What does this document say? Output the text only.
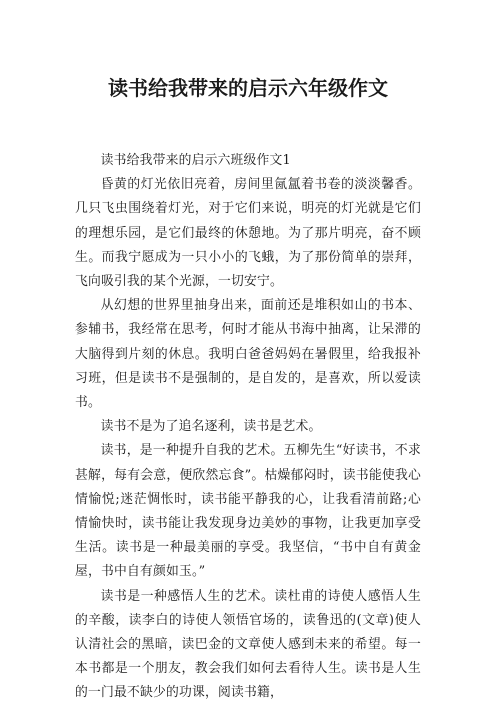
读书给我带来的启示六年级作文

读书给我带来的启示六班级作文1

昏黄的灯光依旧亮着，房间里氤氲着书卷的淡淡馨香。几只飞虫围绕着灯光，对于它们来说，明亮的灯光就是它们的理想乐园，是它们最终的休憩地。为了那片明亮，奋不顾生。而我宁愿成为一只小小的飞蛾，为了那份简单的崇拜，飞向吸引我的某个光源，一切安宁。

从幻想的世界里抽身出来，面前还是堆积如山的书本、参辅书，我经常在思考，何时才能从书海中抽离，让呆滞的大脑得到片刻的休息。我明白爸爸妈妈在暑假里，给我报补习班，但是读书不是强制的，是自发的，是喜欢，所以爱读书。

读书不是为了追名逐利，读书是艺术。

读书，是一种提升自我的艺术。五柳先生“好读书，不求甚解，每有会意，便欣然忘食”。枯燥郁闷时，读书能使我心情愉悦;迷茫惆怅时，读书能平静我的心，让我看清前路;心情愉快时，读书能让我发现身边美妙的事物，让我更加享受生活。读书是一种最美丽的享受。我坚信，“书中自有黄金屋，书中自有颜如玉。”

读书是一种感悟人生的艺术。读杜甫的诗使人感悟人生的辛酸，读李白的诗使人领悟官场的，读鲁迅的(文章)使人认清社会的黑暗，读巴金的文章使人感到未来的希望。每一本书都是一个朋友，教会我们如何去看待人生。读书是人生的一门最不缺少的功课，阅读书籍，
